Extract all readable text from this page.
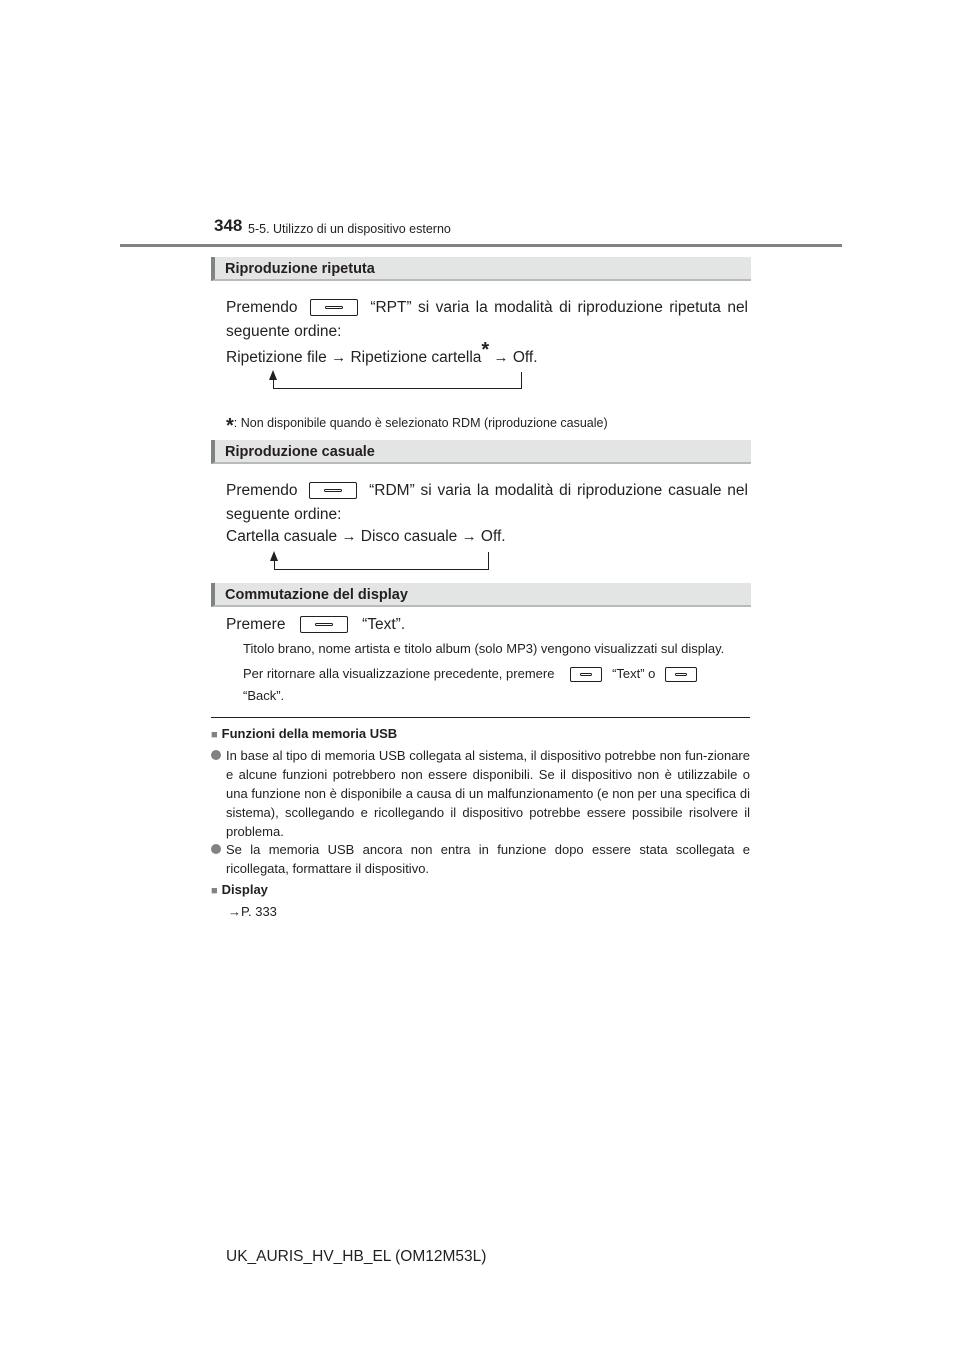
348 5-5. Utilizzo di un dispositivo esterno
Riproduzione ripetuta
Premendo	“RPT” si varia la modalità di riproduzione ripetuta nel
seguente ordine:
Ripetizione file → Ripetizione cartella* → Off.
*: Non disponibile quando è selezionato RDM (riproduzione casuale)
Riproduzione casuale
Premendo	“RDM” si varia la modalità di riproduzione casuale nel
seguente ordine:
Cartella casuale → Disco casuale → Off.
Commutazione del display
Premere	“Text”.
Titolo brano, nome artista e titolo album (solo MP3) vengono visualizzati sul display.
Per ritornare alla visualizzazione precedente, premere	“Text” o
“Back”.
■ Funzioni della memoria USB
In base al tipo di memoria USB collegata al sistema, il dispositivo potrebbe non fun-zionare e alcune funzioni potrebbero non essere disponibili. Se il dispositivo non è utilizzabile o una funzione non è disponibile a causa di un malfunzionamento (e non per una specifica di sistema), scollegando e ricollegando il dispositivo potrebbe essere possibile risolvere il problema.
Se la memoria USB ancora non entra in funzione dopo essere stata scollegata e ricollegata, formattare il dispositivo.
■ Display
→P. 333
UK_AURIS_HV_HB_EL (OM12M53L)
